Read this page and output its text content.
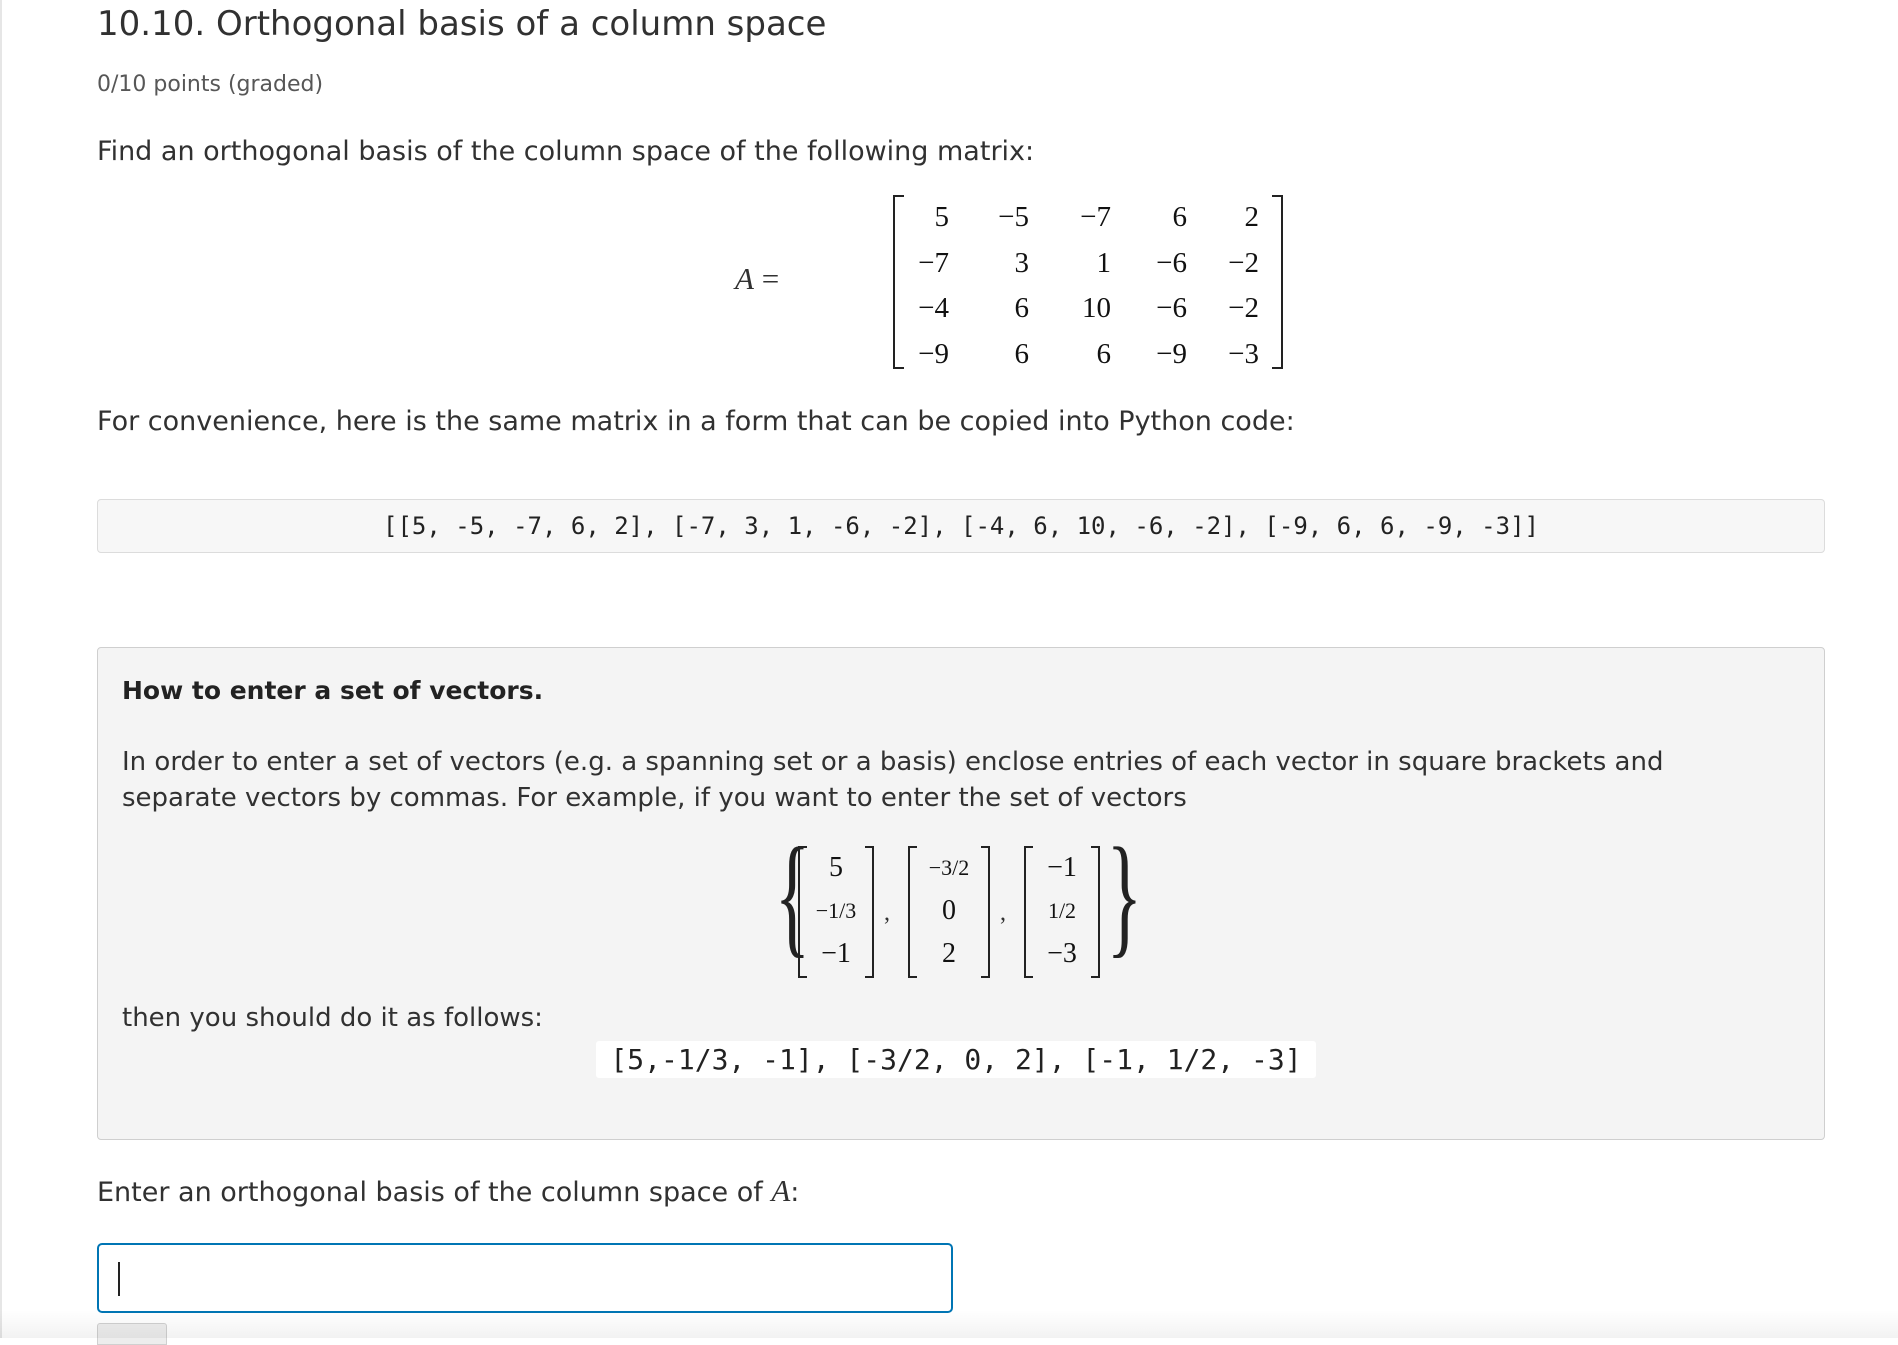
10.10. Orthogonal basis of a column space
0/10 points (graded)
Find an orthogonal basis of the column space of the following matrix:
A =
5	−5	−7	6	2
−7	3	1	−6	−2
−4	6	10	−6	−2
−9	6	6	−9	−3
For convenience, here is the same matrix in a form that can be copied into Python code:
[[5, -5, -7, 6, 2], [-7, 3, 1, -6, -2], [-4, 6, 10, -6, -2], [-9, 6, 6, -9, -3]]
How to enter a set of vectors.

In order to enter a set of vectors (e.g. a spanning set or a basis) enclose entries of each vector in square brackets and separate vectors by commas. For example, if you want to enter the set of vectors

{ 5
−1/3
−1
,
−3/2
0
2
,
−1
1/2
−3 }
then you should do it as follows:
[5,-1/3, -1], [-3/2, 0, 2], [-1, 1/2, -3]
Enter an orthogonal basis of the column space of A:
